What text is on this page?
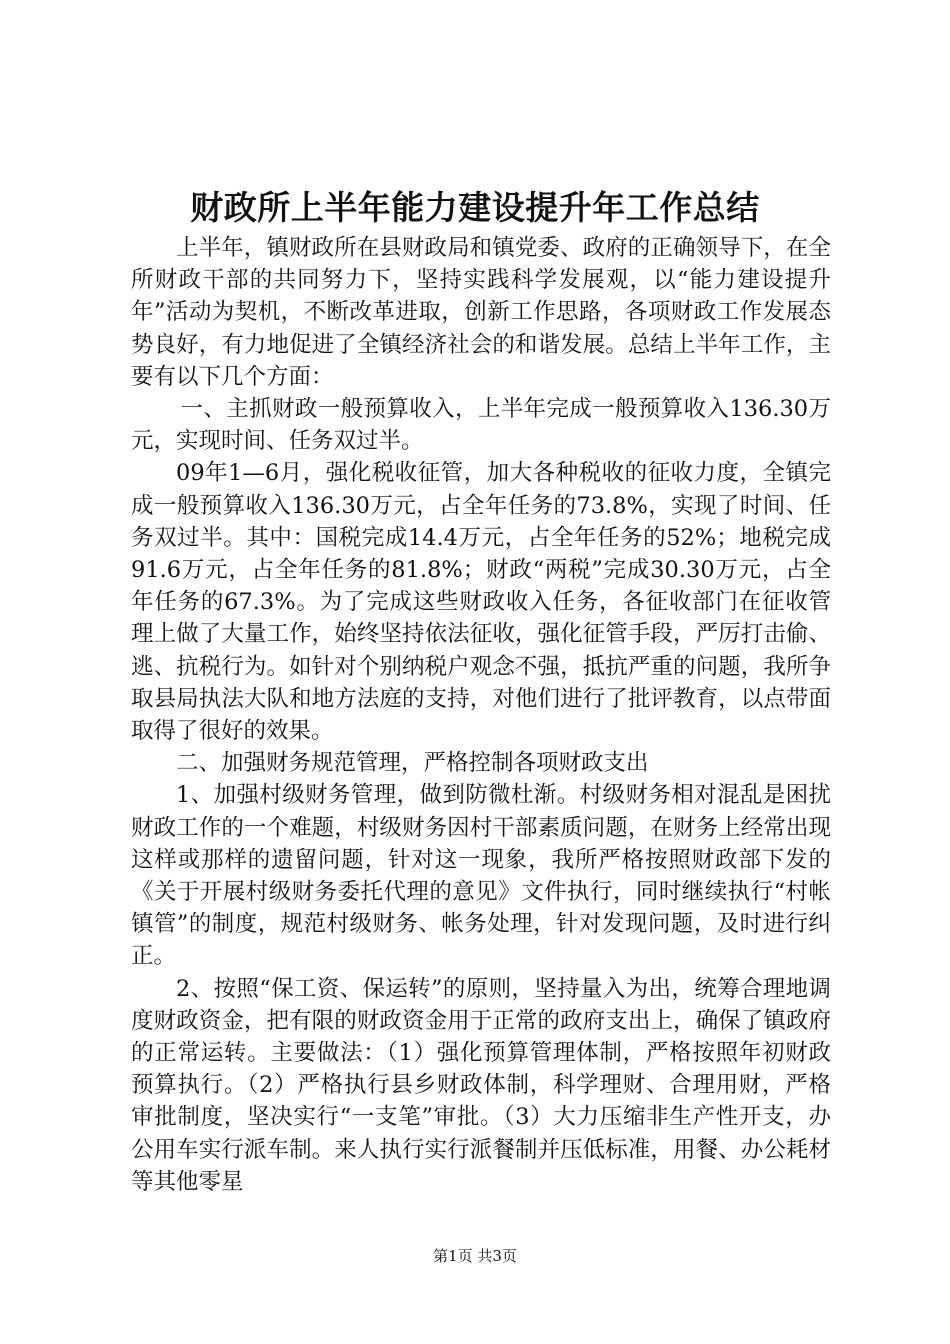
财政所上半年能力建设提升年工作总结

上半年，镇财政所在县财政局和镇党委、政府的正确领导下，在全所财政干部的共同努力下，坚持实践科学发展观，以“能力建设提升年”活动为契机，不断改革进取，创新工作思路，各项财政工作发展态势良好，有力地促进了全镇经济社会的和谐发展。总结上半年工作，主要有以下几个方面：

一、主抓财政一般预算收入，上半年完成一般预算收入136.30万元，实现时间、任务双过半。

09年1—6月，强化税收征管，加大各种税收的征收力度，全镇完成一般预算收入136.30万元，占全年任务的73.8%，实现了时间、任务双过半。其中：国税完成14.4万元，占全年任务的52%；地税完成91.6万元，占全年任务的81.8%；财政“两税”完成30.30万元，占全年任务的67.3%。为了完成这些财政收入任务，各征收部门在征收管理上做了大量工作，始终坚持依法征收，强化征管手段，严厉打击偷、逃、抗税行为。如针对个别纳税户观念不强，抵抗严重的问题，我所争取县局执法大队和地方法庭的支持，对他们进行了批评教育，以点带面取得了很好的效果。

二、加强财务规范管理，严格控制各项财政支出

1、加强村级财务管理，做到防微杜渐。村级财务相对混乱是困扰财政工作的一个难题，村级财务因村干部素质问题，在财务上经常出现这样或那样的遗留问题，针对这一现象，我所严格按照财政部下发的《关于开展村级财务委托代理的意见》文件执行，同时继续执行“村帐镇管”的制度，规范村级财务、帐务处理，针对发现问题，及时进行纠正。

2、按照“保工资、保运转”的原则，坚持量入为出，统筹合理地调度财政资金，把有限的财政资金用于正常的政府支出上，确保了镇政府的正常运转。主要做法：（1）强化预算管理体制，严格按照年初财政预算执行。（2）严格执行县乡财政体制，科学理财、合理用财，严格审批制度，坚决实行“一支笔”审批。（3）大力压缩非生产性开支，办公用车实行派车制。来人执行实行派餐制并压低标准，用餐、办公耗材等其他零星

第1页 共3页
